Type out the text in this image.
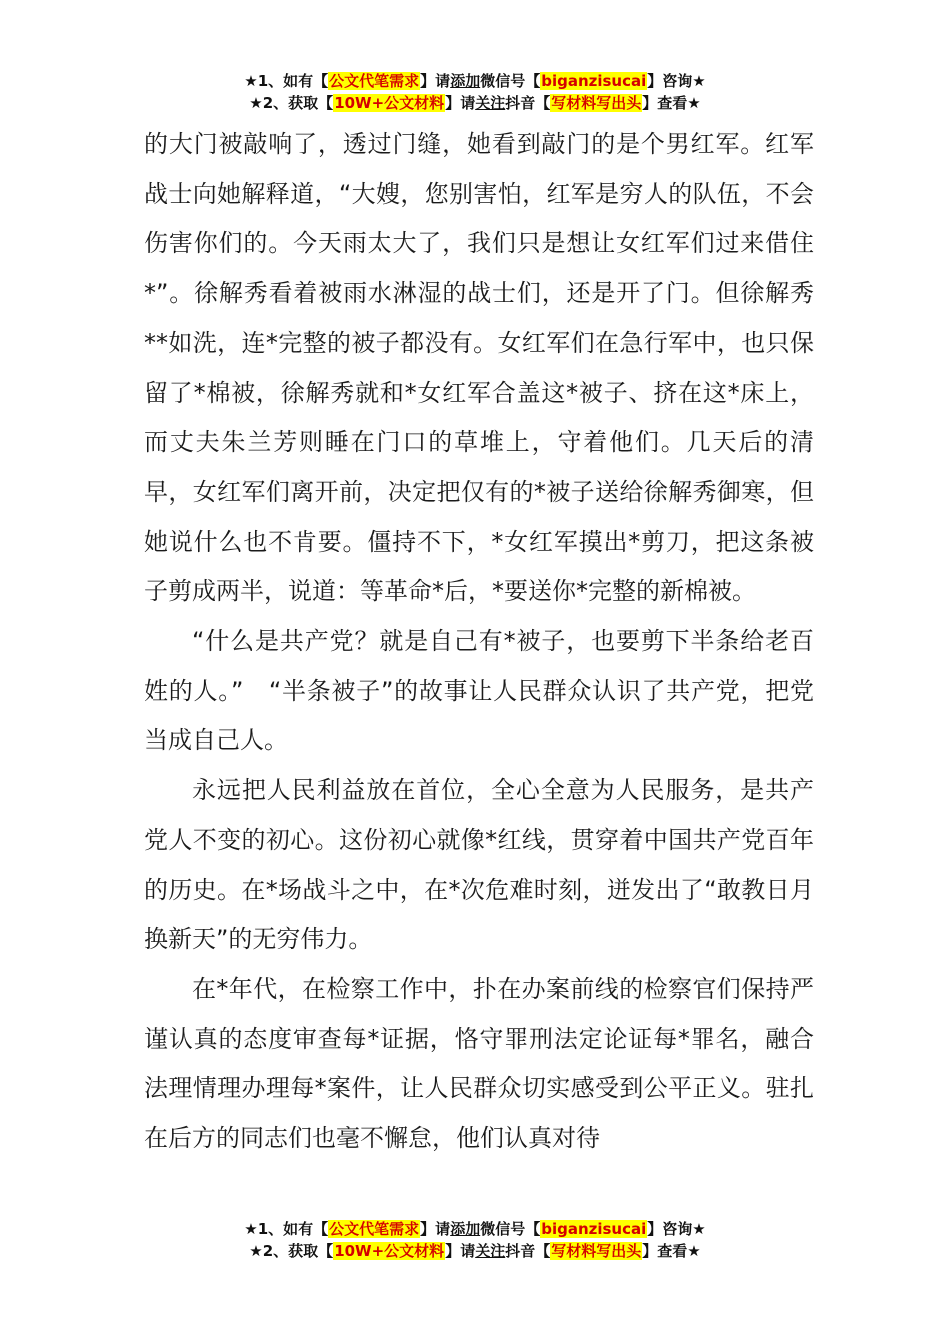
★1、如有【公文代笔需求】请添加微信号【biganzisucai】咨询★
★2、获取【10W+公文材料】请关注抖音【写材料写出头】查看★

的大门被敲响了，透过门缝，她看到敲门的是个男红军。红军战士向她解释道，“大嫂，您别害怕，红军是穷人的队伍，不会伤害你们的。今天雨太大了，我们只是想让女红军们过来借住*”。徐解秀看着被雨水淋湿的战士们，还是开了门。但徐解秀**如洗，连*完整的被子都没有。女红军们在急行军中，也只保留了*棉被，徐解秀就和*女红军合盖这*被子、挤在这*床上，而丈夫朱兰芳则睡在门口的草堆上，守着他们。几天后的清早，女红军们离开前，决定把仅有的*被子送给徐解秀御寒，但她说什么也不肯要。僵持不下，*女红军摸出*剪刀，把这条被子剪成两半，说道：等革命*后，*要送你*完整的新棉被。

“什么是共产党？就是自己有*被子，也要剪下半条给老百姓的人。”　“半条被子”的故事让人民群众认识了共产党，把党当成自己人。

永远把人民利益放在首位，全心全意为人民服务，是共产党人不变的初心。这份初心就像*红线，贯穿着中国共产党百年的历史。在*场战斗之中，在*次危难时刻，迸发出了“敢教日月换新天”的无穷伟力。

在*年代，在检察工作中，扑在办案前线的检察官们保持严谨认真的态度审查每*证据，恪守罪刑法定论证每*罪名，融合法理情理办理每*案件，让人民群众切实感受到公平正义。驻扎在后方的同志们也毫不懈怠，他们认真对待

★1、如有【公文代笔需求】请添加微信号【biganzisucai】咨询★
★2、获取【10W+公文材料】请关注抖音【写材料写出头】查看★
